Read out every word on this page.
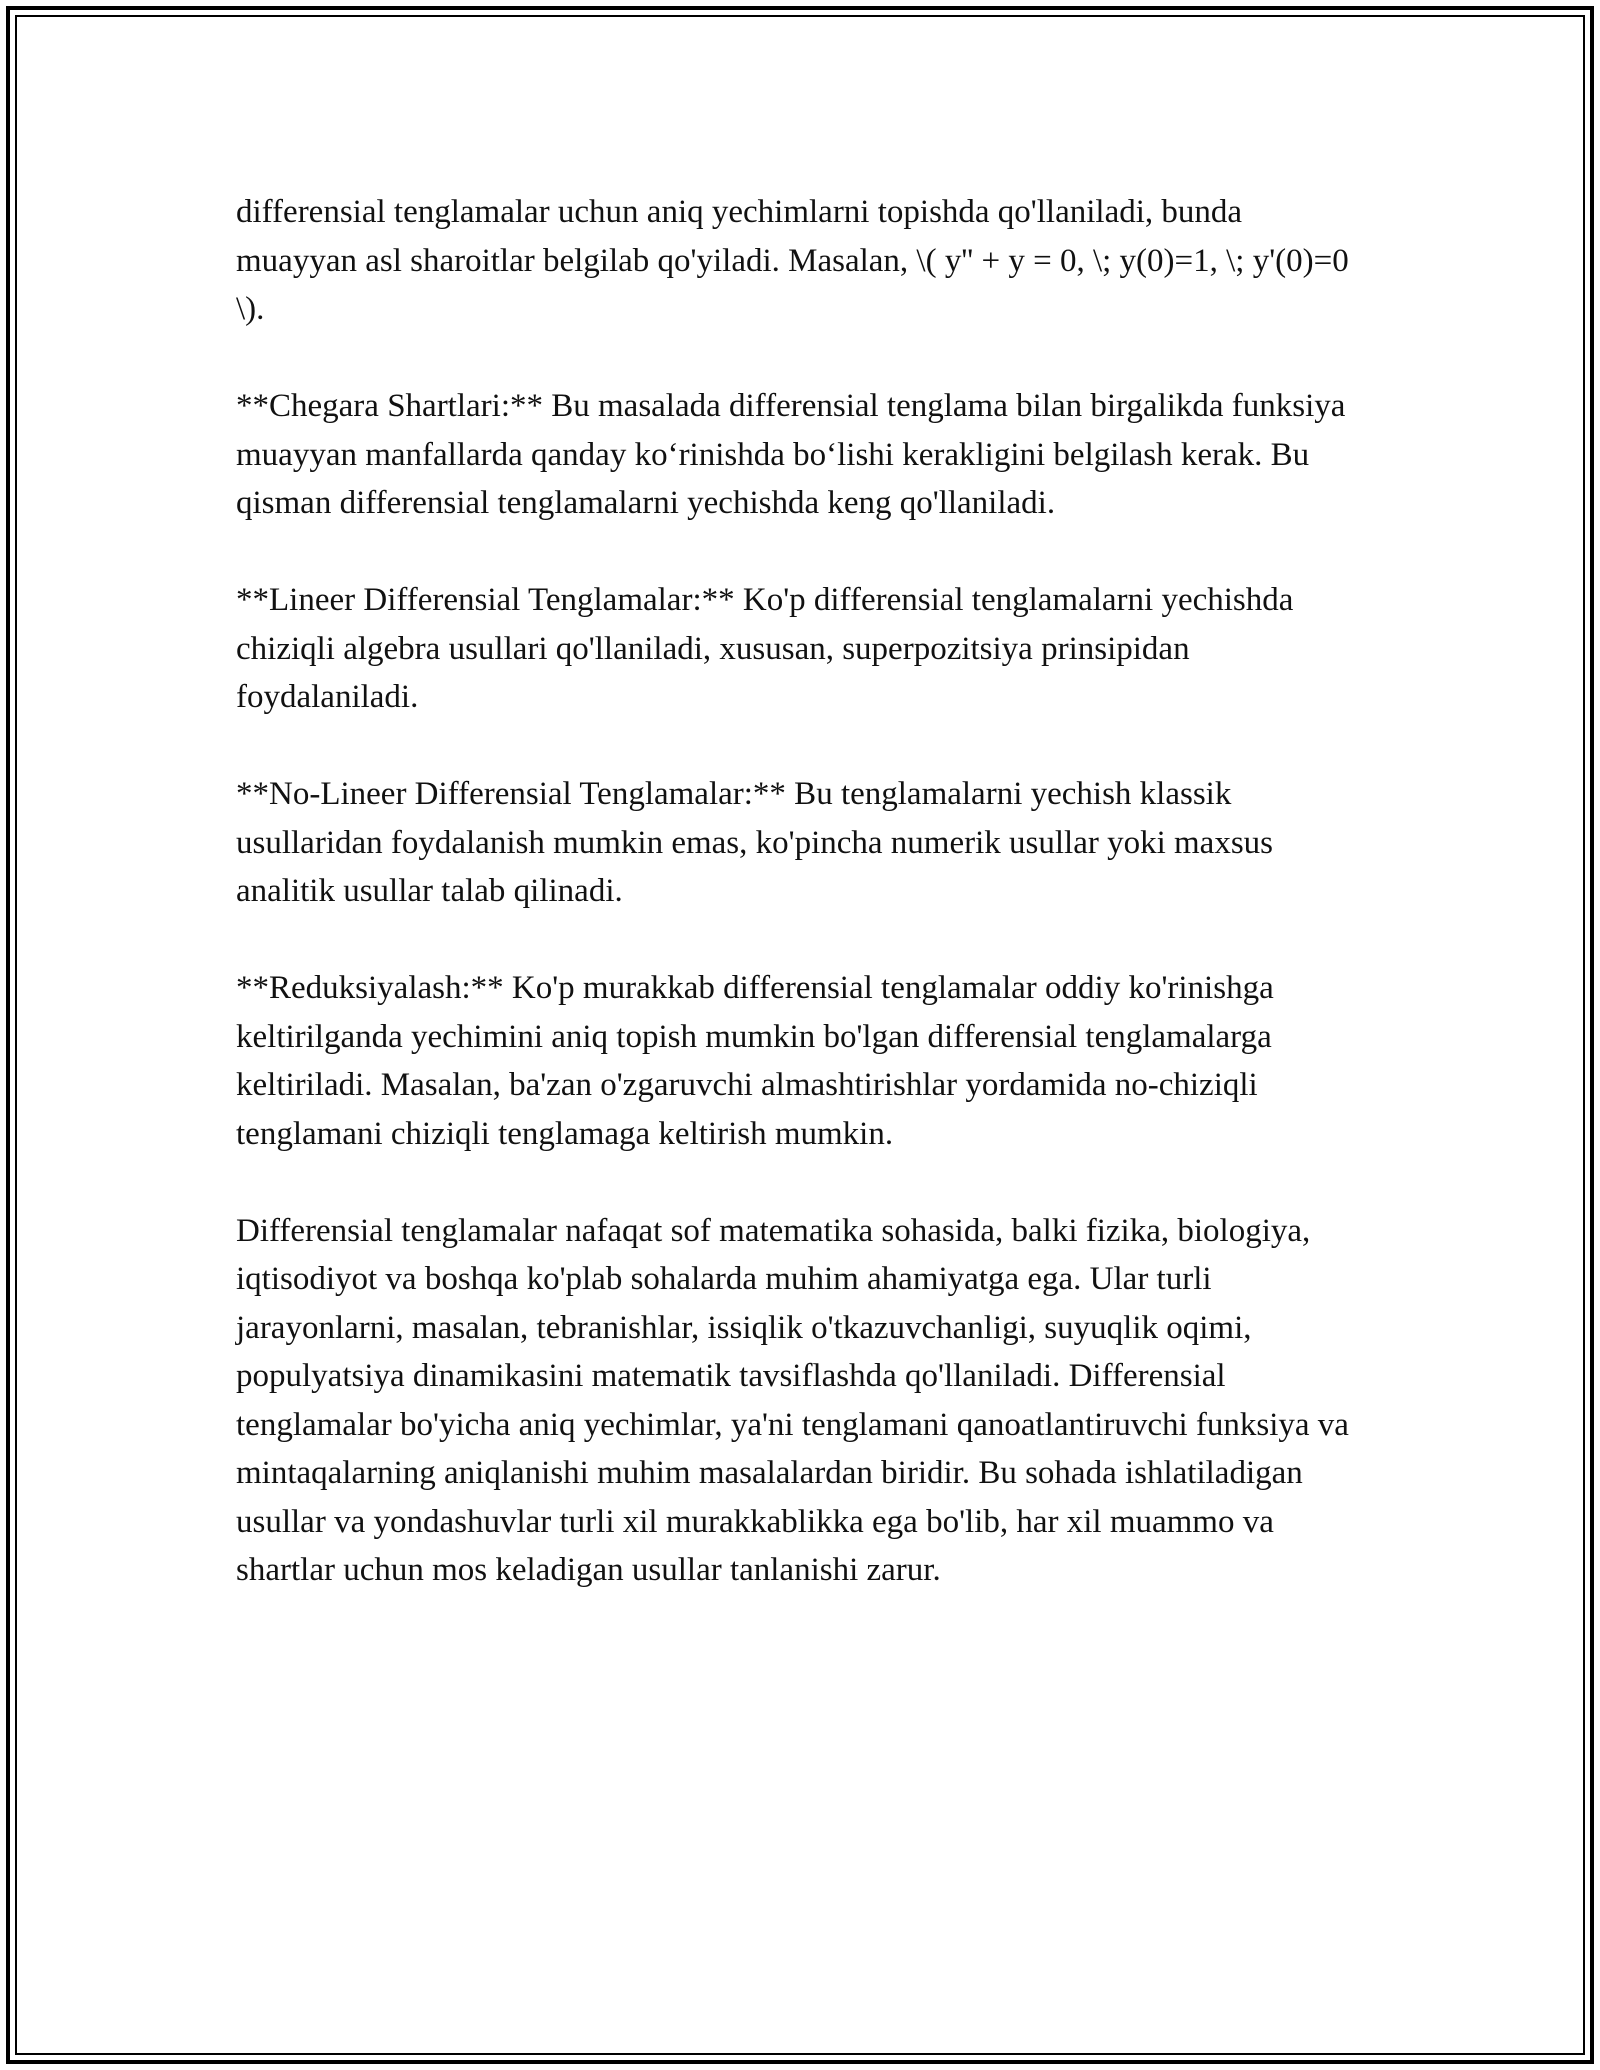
differensial tenglamalar uchun aniq yechimlarni topishda qo'llaniladi, bunda muayyan asl sharoitlar belgilab qo'yiladi. Masalan, \( y'' + y = 0, \; y(0)=1, \; y'(0)=0 \).

**Chegara Shartlari:** Bu masalada differensial tenglama bilan birgalikda funksiya muayyan manfallarda qanday ko‘rinishda bo‘lishi kerakligini belgilash kerak. Bu qisman differensial tenglamalarni yechishda keng qo'llaniladi.

**Lineer Differensial Tenglamalar:** Ko'p differensial tenglamalarni yechishda chiziqli algebra usullari qo'llaniladi, xususan, superpozitsiya prinsipidan foydalaniladi.

**No-Lineer Differensial Tenglamalar:** Bu tenglamalarni yechish klassik usullaridan foydalanish mumkin emas, ko'pincha numerik usullar yoki maxsus analitik usullar talab qilinadi.

**Reduksiyalash:** Ko'p murakkab differensial tenglamalar oddiy ko'rinishga keltirilganda yechimini aniq topish mumkin bo'lgan differensial tenglamalarga keltiriladi. Masalan, ba'zan o'zgaruvchi almashtirishlar yordamida no-chiziqli tenglamani chiziqli tenglamaga keltirish mumkin.

Differensial tenglamalar nafaqat sof matematika sohasida, balki fizika, biologiya, iqtisodiyot va boshqa ko'plab sohalarda muhim ahamiyatga ega. Ular turli jarayonlarni, masalan, tebranishlar, issiqlik o'tkazuvchanligi, suyuqlik oqimi, populyatsiya dinamikasini matematik tavsiflashda qo'llaniladi. Differensial tenglamalar bo'yicha aniq yechimlar, ya'ni tenglamani qanoatlantiruvchi funksiya va mintaqalarning aniqlanishi muhim masalalardan biridir. Bu sohada ishlatiladigan usullar va yondashuvlar turli xil murakkablikka ega bo'lib, har xil muammo va shartlar uchun mos keladigan usullar tanlanishi zarur.
